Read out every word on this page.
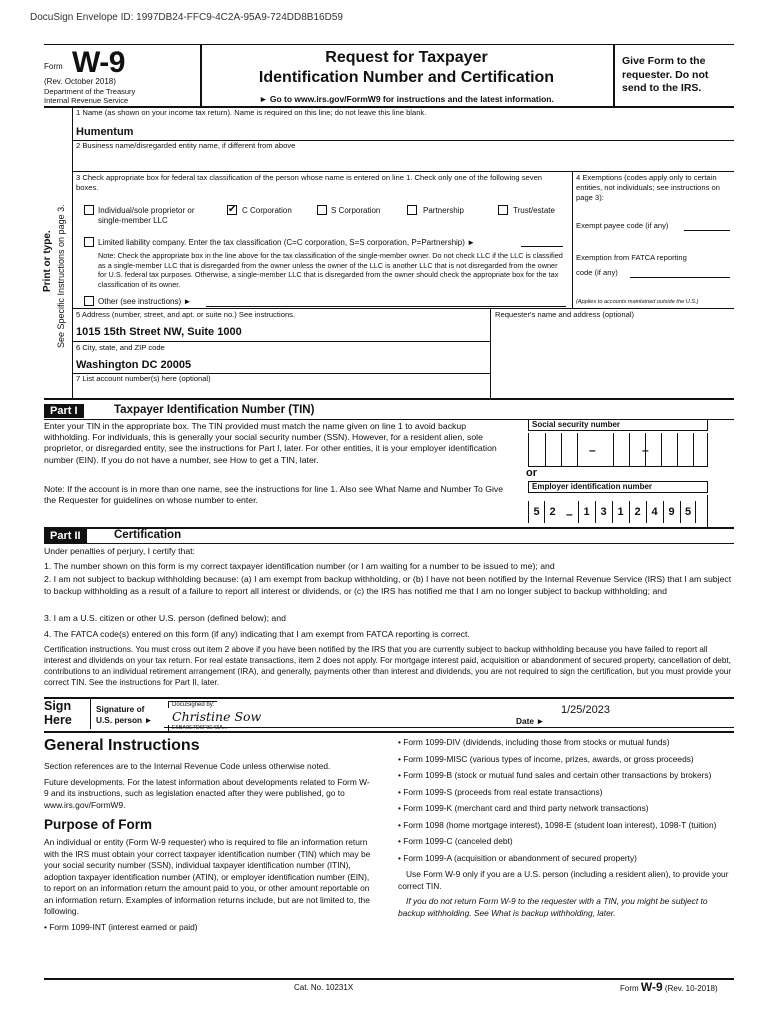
DocuSign Envelope ID: 1997DB24-FFC9-4C2A-95A9-724DD8B16D59
Form W-9
(Rev. October 2018)
Department of the Treasury
Internal Revenue Service
Request for Taxpayer
Identification Number and Certification
► Go to www.irs.gov/FormW9 for instructions and the latest information.
Give Form to the requester. Do not send to the IRS.
See Specific Instructions on page 3.
Print or type.
1 Name (as shown on your income tax return). Name is required on this line; do not leave this line blank.
Humentum
2 Business name/disregarded entity name, if different from above
3 Check appropriate box for federal tax classification of the person whose name is entered on line 1. Check only one of the following seven boxes.
Individual/sole proprietor or single-member LLC
✔ C Corporation	S Corporation	Partnership	Trust/estate
Limited liability company. Enter the tax classification (C=C corporation, S=S corporation, P=Partnership) ►
Note: Check the appropriate box in the line above for the tax classification of the single-member owner. Do not check LLC if the LLC is classified as a single-member LLC that is disregarded from the owner unless the owner of the LLC is another LLC that is not disregarded from the owner for U.S. federal tax purposes. Otherwise, a single-member LLC that is disregarded from the owner should check the appropriate box for the tax classification of its owner.
Other (see instructions) ►
4 Exemptions (codes apply only to certain entities, not individuals; see instructions on page 3):
Exempt payee code (if any)
Exemption from FATCA reporting
code (if any)
(Applies to accounts maintained outside the U.S.)
5 Address (number, street, and apt. or suite no.) See instructions.	Requester's name and address (optional)
1015 15th Street NW, Suite 1000
6 City, state, and ZIP code
Washington DC 20005
7 List account number(s) here (optional)
Part I	Taxpayer Identification Number (TIN)
Enter your TIN in the appropriate box. The TIN provided must match the name given on line 1 to avoid backup withholding. For individuals, this is generally your social security number (SSN). However, for a resident alien, sole proprietor, or disregarded entity, see the instructions for Part I, later. For other entities, it is your employer identification number (EIN). If you do not have a number, see How to get a TIN, later.
Note: If the account is in more than one name, see the instructions for line 1. Also see What Name and Number To Give the Requester for guidelines on whose number to enter.
Social security number
–	–
or
Employer identification number
5 2 – 1 3 1 2 4 9 5
Part II	Certification
Under penalties of perjury, I certify that:
1. The number shown on this form is my correct taxpayer identification number (or I am waiting for a number to be issued to me); and
2. I am not subject to backup withholding because: (a) I am exempt from backup withholding, or (b) I have not been notified by the Internal Revenue Service (IRS) that I am subject to backup withholding as a result of a failure to report all interest or dividends, or (c) the IRS has notified me that I am no longer subject to backup withholding; and
3. I am a U.S. citizen or other U.S. person (defined below); and
4. The FATCA code(s) entered on this form (if any) indicating that I am exempt from FATCA reporting is correct.
Certification instructions. You must cross out item 2 above if you have been notified by the IRS that you are currently subject to backup withholding because you have failed to report all interest and dividends on your tax return. For real estate transactions, item 2 does not apply. For mortgage interest paid, acquisition or abandonment of secured property, cancellation of debt, contributions to an individual retirement arrangement (IRA), and generally, payments other than interest and dividends, you are not required to sign the certification, but you must provide your correct TIN. See the instructions for Part II, later.
Sign Here
Signature of
U.S. person ►
DocuSigned by:
Christine Sow
E6BA9E7D6F9E43A...
1/25/2023
Date ►
General Instructions

Section references are to the Internal Revenue Code unless otherwise noted.

Future developments. For the latest information about developments related to Form W-9 and its instructions, such as legislation enacted after they were published, go to www.irs.gov/FormW9.

Purpose of Form

An individual or entity (Form W-9 requester) who is required to file an information return with the IRS must obtain your correct taxpayer identification number (TIN) which may be your social security number (SSN), individual taxpayer identification number (ITIN), adoption taxpayer identification number (ATIN), or employer identification number (EIN), to report on an information return the amount paid to you, or other amount reportable on an information return. Examples of information returns include, but are not limited to, the following.

• Form 1099-INT (interest earned or paid)
• Form 1099-DIV (dividends, including those from stocks or mutual funds)
• Form 1099-MISC (various types of income, prizes, awards, or gross proceeds)
• Form 1099-B (stock or mutual fund sales and certain other transactions by brokers)
• Form 1099-S (proceeds from real estate transactions)
• Form 1099-K (merchant card and third party network transactions)
• Form 1098 (home mortgage interest), 1098-E (student loan interest), 1098-T (tuition)
• Form 1099-C (canceled debt)
• Form 1099-A (acquisition or abandonment of secured property)

Use Form W-9 only if you are a U.S. person (including a resident alien), to provide your correct TIN.

If you do not return Form W-9 to the requester with a TIN, you might be subject to backup withholding. See What is backup withholding, later.

Cat. No. 10231X	Form W-9 (Rev. 10-2018)
